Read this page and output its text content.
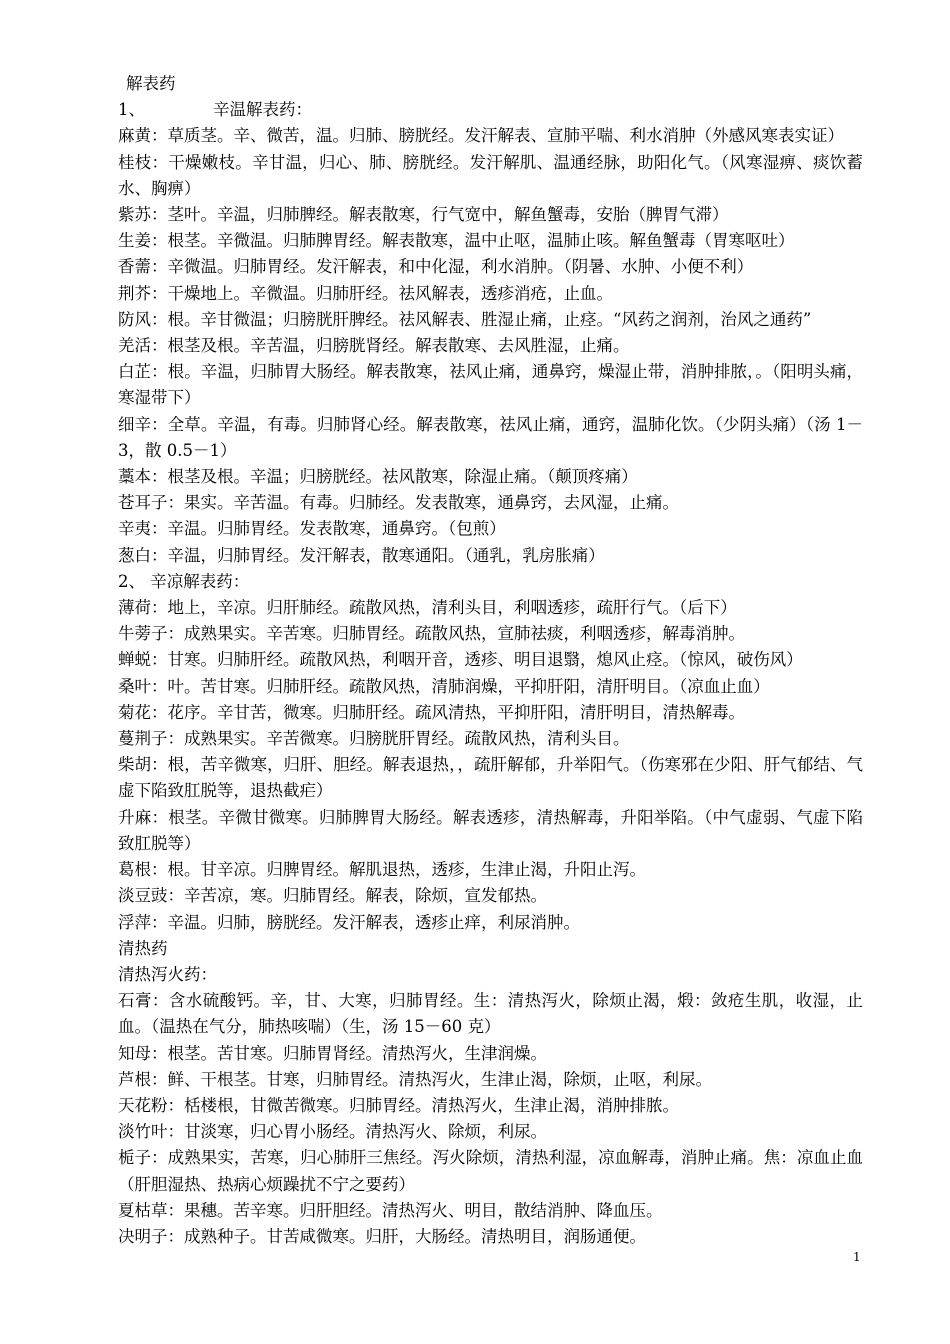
解表药

1、	辛温解表药：

麻黄：草质茎。辛、微苦，温。归肺、膀胱经。发汗解表、宣肺平喘、利水消肿（外感风寒表实证）

桂枝：干燥嫩枝。辛甘温，归心、肺、膀胱经。发汗解肌、温通经脉，助阳化气。（风寒湿痹、痰饮蓄水、胸痹）

紫苏：茎叶。辛温，归肺脾经。解表散寒，行气宽中，解鱼蟹毒，安胎（脾胃气滞）

生姜：根茎。辛微温。归肺脾胃经。解表散寒，温中止呕，温肺止咳。解鱼蟹毒（胃寒呕吐）

香薷：辛微温。归肺胃经。发汗解表，和中化湿，利水消肿。（阴暑、水肿、小便不利）

荆芥：干燥地上。辛微温。归肺肝经。祛风解表，透疹消疮，止血。

防风：根。辛甘微温；归膀胱肝脾经。祛风解表、胜湿止痛，止痉。“风药之润剂，治风之通药”

羌活：根茎及根。辛苦温，归膀胱肾经。解表散寒、去风胜湿，止痛。

白芷：根。辛温，归肺胃大肠经。解表散寒，祛风止痛，通鼻窍，燥湿止带，消肿排脓，。（阳明头痛，寒湿带下）

细辛：全草。辛温，有毒。归肺肾心经。解表散寒，祛风止痛，通窍，温肺化饮。（少阴头痛）（汤 1－3，散 0.5－1）

藁本：根茎及根。辛温；归膀胱经。祛风散寒，除湿止痛。（颠顶疼痛）

苍耳子：果实。辛苦温。有毒。归肺经。发表散寒，通鼻窍，去风湿，止痛。

辛夷：辛温。归肺胃经。发表散寒，通鼻窍。（包煎）

葱白：辛温，归肺胃经。发汗解表，散寒通阳。（通乳，乳房胀痛）

2、 辛凉解表药：

薄荷：地上，辛凉。归肝肺经。疏散风热，清利头目，利咽透疹，疏肝行气。（后下）

牛蒡子：成熟果实。辛苦寒。归肺胃经。疏散风热，宣肺祛痰，利咽透疹，解毒消肿。

蝉蜕：甘寒。归肺肝经。疏散风热，利咽开音，透疹、明目退翳，熄风止痉。（惊风，破伤风）

桑叶：叶。苦甘寒。归肺肝经。疏散风热，清肺润燥，平抑肝阳，清肝明目。（凉血止血）

菊花：花序。辛甘苦，微寒。归肺肝经。疏风清热，平抑肝阳，清肝明目，清热解毒。

蔓荆子：成熟果实。辛苦微寒。归膀胱肝胃经。疏散风热，清利头目。

柴胡：根，苦辛微寒，归肝、胆经。解表退热，，疏肝解郁，升举阳气。（伤寒邪在少阳、肝气郁结、气虚下陷致肛脱等，退热截疟）

升麻：根茎。辛微甘微寒。归肺脾胃大肠经。解表透疹，清热解毒，升阳举陷。（中气虚弱、气虚下陷致肛脱等）

葛根：根。甘辛凉。归脾胃经。解肌退热，透疹，生津止渴，升阳止泻。

淡豆豉：辛苦凉，寒。归肺胃经。解表，除烦，宣发郁热。

浮萍：辛温。归肺，膀胱经。发汗解表，透疹止痒，利尿消肿。

清热药

清热泻火药：

石膏：含水硫酸钙。辛，甘、大寒，归肺胃经。生：清热泻火，除烦止渴，煅：敛疮生肌，收湿，止血。（温热在气分，肺热咳喘）（生，汤 15－60 克）

知母：根茎。苦甘寒。归肺胃肾经。清热泻火，生津润燥。

芦根：鲜、干根茎。甘寒，归肺胃经。清热泻火，生津止渴，除烦，止呕，利尿。

天花粉：栝楼根，甘微苦微寒。归肺胃经。清热泻火，生津止渴，消肿排脓。

淡竹叶：甘淡寒，归心胃小肠经。清热泻火、除烦，利尿。

栀子：成熟果实，苦寒，归心肺肝三焦经。泻火除烦，清热利湿，凉血解毒，消肿止痛。焦：凉血止血（肝胆湿热、热病心烦躁扰不宁之要药）

夏枯草：果穗。苦辛寒。归肝胆经。清热泻火、明目，散结消肿、降血压。

决明子：成熟种子。甘苦咸微寒。归肝，大肠经。清热明目，润肠通便。

1
